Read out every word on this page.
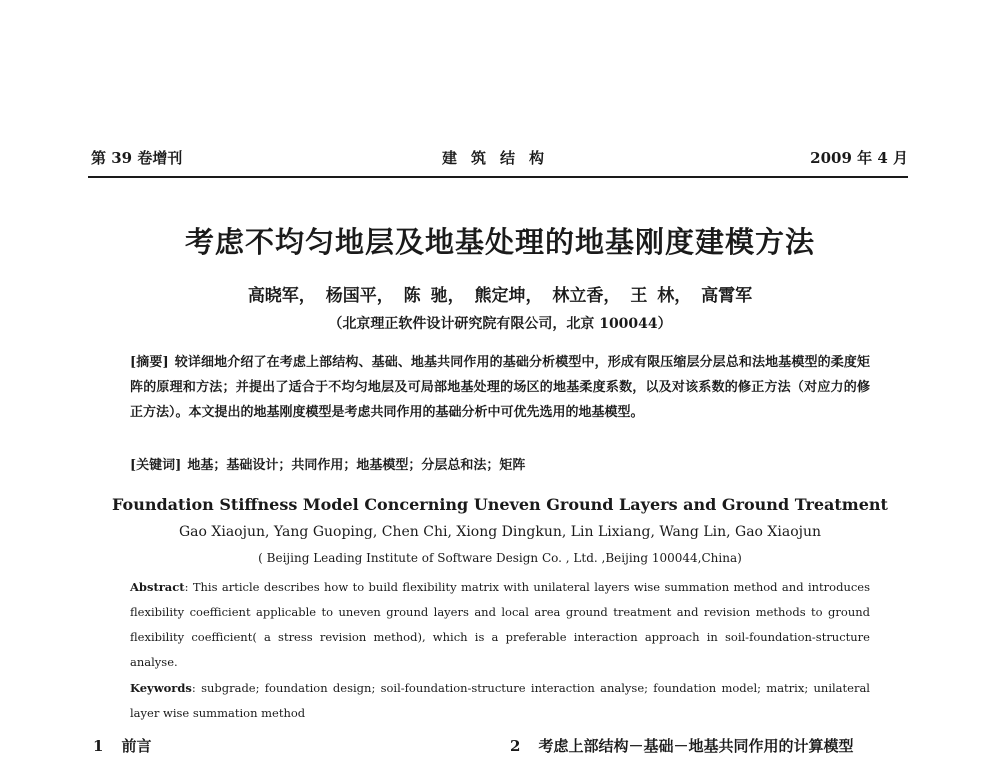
第 39 卷增刊	建筑结构	2009 年 4 月
考虑不均匀地层及地基处理的地基刚度建模方法
高晓军， 杨国平， 陈 驰， 熊定坤， 林立香， 王 林， 高霄军
（北京理正软件设计研究院有限公司，北京 100044）
[摘要] 较详细地介绍了在考虑上部结构、基础、地基共同作用的基础分析模型中，形成有限压缩层分层总和法地基模型的柔度矩阵的原理和方法；并提出了适合于不均匀地层及可局部地基处理的场区的地基柔度系数，以及对该系数的修正方法（对应力的修正方法）。本文提出的地基刚度模型是考虑共同作用的基础分析中可优先选用的地基模型。
[关键词] 地基；基础设计；共同作用；地基模型；分层总和法；矩阵
Foundation Stiffness Model Concerning Uneven Ground Layers and Ground Treatment
Gao Xiaojun, Yang Guoping, Chen Chi, Xiong Dingkun, Lin Lixiang, Wang Lin, Gao Xiaojun
( Beijing Leading Institute of Software Design Co. , Ltd. ,Beijing 100044,China)
Abstract: This article describes how to build flexibility matrix with unilateral layers wise summation method and introduces flexibility coefficient applicable to uneven ground layers and local area ground treatment and revision methods to ground flexibility coefficient( a stress revision method), which is a preferable interaction approach in soil-foundation-structure analyse.
Keywords: subgrade; foundation design; soil-foundation-structure interaction analyse; foundation model; matrix; unilateral layer wise summation method
1 前言	2 考虑上部结构－基础－地基共同作用的计算模型
